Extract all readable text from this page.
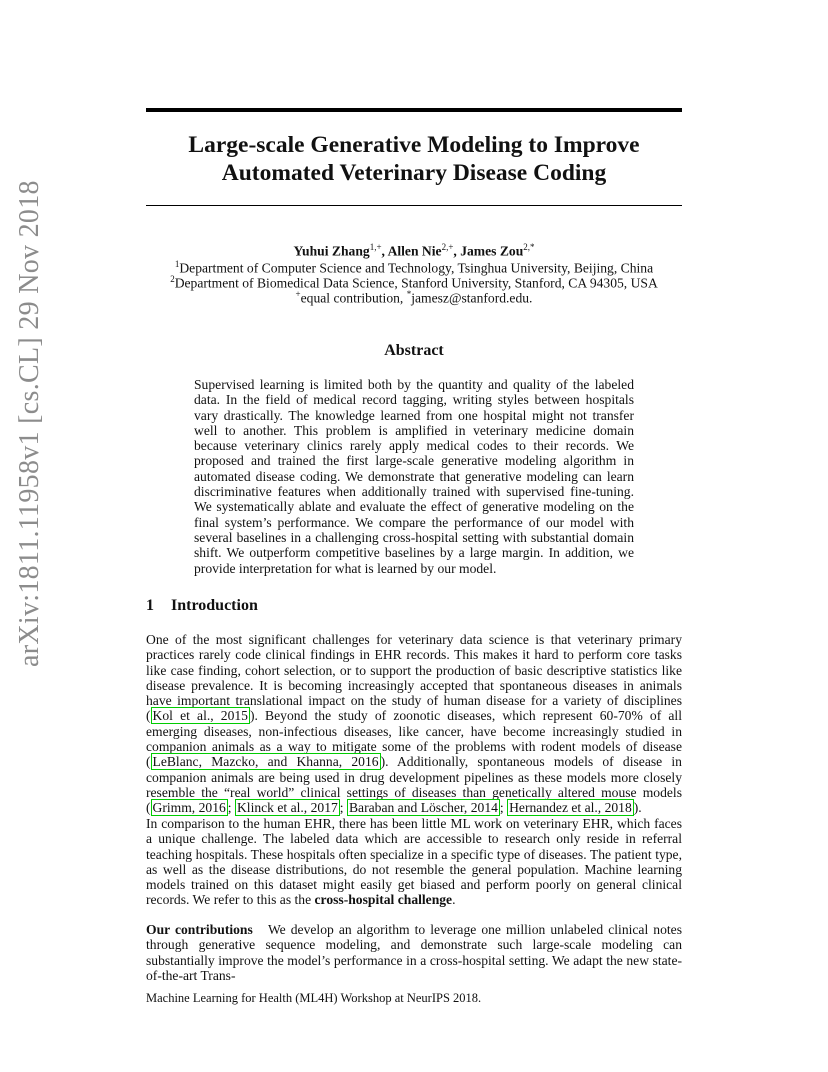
arXiv:1811.11958v1 [cs.CL] 29 Nov 2018
Large-scale Generative Modeling to Improve
Automated Veterinary Disease Coding
Yuhui Zhang$^{1,+}$, Allen Nie$^{2,+}$, James Zou$^{2,*}$
$^1$Department of Computer Science and Technology, Tsinghua University, Beijing, China
$^2$Department of Biomedical Data Science, Stanford University, Stanford, CA 94305, USA
+equal contribution, *jamesz@stanford.edu.
Abstract
Supervised learning is limited both by the quantity and quality of the labeled data. In the field of medical record tagging, writing styles between hospitals vary drastically. The knowledge learned from one hospital might not transfer well to another. This problem is amplified in veterinary medicine domain because veterinary clinics rarely apply medical codes to their records. We proposed and trained the first large-scale generative modeling algorithm in automated disease coding. We demonstrate that generative modeling can learn discriminative features when additionally trained with supervised fine-tuning. We systematically ablate and evaluate the effect of generative modeling on the final system’s performance. We compare the performance of our model with several baselines in a challenging cross-hospital setting with substantial domain shift. We outperform competitive baselines by a large margin. In addition, we provide interpretation for what is learned by our model.
1 Introduction
One of the most significant challenges for veterinary data science is that veterinary primary practices rarely code clinical findings in EHR records. This makes it hard to perform core tasks like case finding, cohort selection, or to support the production of basic descriptive statistics like disease prevalence. It is becoming increasingly accepted that spontaneous diseases in animals have important translational impact on the study of human disease for a variety of disciplines ( Kol et al., 2015 ). Beyond the study of zoonotic diseases, which represent 60-70% of all emerging diseases, non-infectious diseases, like cancer, have become increasingly studied in companion animals as a way to mitigate some of the problems with rodent models of disease ( LeBlanc, Mazcko, and Khanna, 2016 ). Additionally, spontaneous models of disease in companion animals are being used in drug development pipelines as these models more closely resemble the “real world” clinical settings of diseases than genetically altered mouse models ( Grimm, 2016 ; Klinck et al., 2017 ; Baraban and Löscher, 2014 ; Hernandez et al., 2018 ).
In comparison to the human EHR, there has been little ML work on veterinary EHR, which faces a unique challenge. The labeled data which are accessible to research only reside in referral teaching hospitals. These hospitals often specialize in a specific type of diseases. The patient type, as well as the disease distributions, do not resemble the general population. Machine learning models trained on this dataset might easily get biased and perform poorly on general clinical records. We refer to this as the cross-hospital challenge.
Our contributions We develop an algorithm to leverage one million unlabeled clinical notes through generative sequence modeling, and demonstrate such large-scale modeling can substantially improve the model’s performance in a cross-hospital setting. We adapt the new state-of-the-art Trans-
Machine Learning for Health (ML4H) Workshop at NeurIPS 2018.
